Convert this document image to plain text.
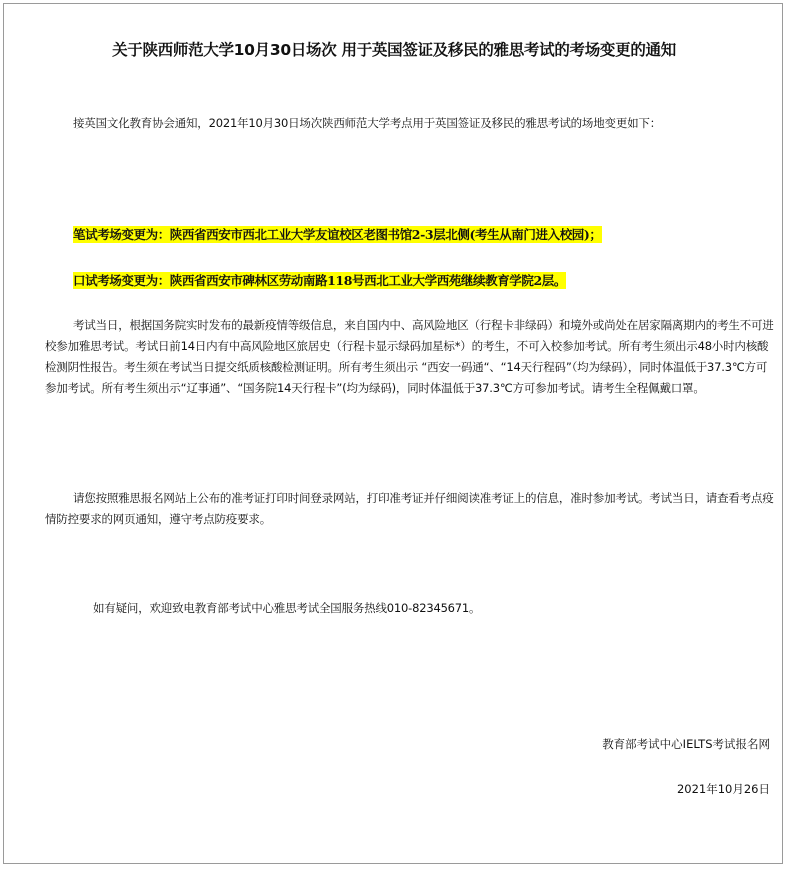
关于陕西师范大学10月30日场次 用于英国签证及移民的雅思考试的考场变更的通知

接英国文化教育协会通知，2021年10月30日场次陕西师范大学考点用于英国签证及移民的雅思考试的场地变更如下：

笔试考场变更为：陕西省西安市西北工业大学友谊校区老图书馆2-3层北侧(考生从南门进入校园)；
口试考场变更为：陕西省西安市碑林区劳动南路118号西北工业大学西苑继续教育学院2层。

考试当日，根据国务院实时发布的最新疫情等级信息，来自国内中、高风险地区（行程卡非绿码）和境外或尚处在居家隔离期内的考生不可进校参加雅思考试。考试日前14日内有中高风险地区旅居史（行程卡显示绿码加星标*）的考生，不可入校参加考试。所有考生须出示48小时内核酸检测阴性报告。考生须在考试当日提交纸质核酸检测证明。所有考生须出示 “西安一码通“、“14天行程码”（均为绿码），同时体温低于37.3℃方可参加考试。所有考生须出示“辽事通”、“国务院14天行程卡”(均为绿码)，同时体温低于37.3℃方可参加考试。请考生全程佩戴口罩。

请您按照雅思报名网站上公布的准考证打印时间登录网站，打印准考证并仔细阅读准考证上的信息，准时参加考试。考试当日，请查看考点疫情防控要求的网页通知，遵守考点防疫要求。

如有疑问，欢迎致电教育部考试中心雅思考试全国服务热线010-82345671。

教育部考试中心IELTS考试报名网
2021年10月26日
